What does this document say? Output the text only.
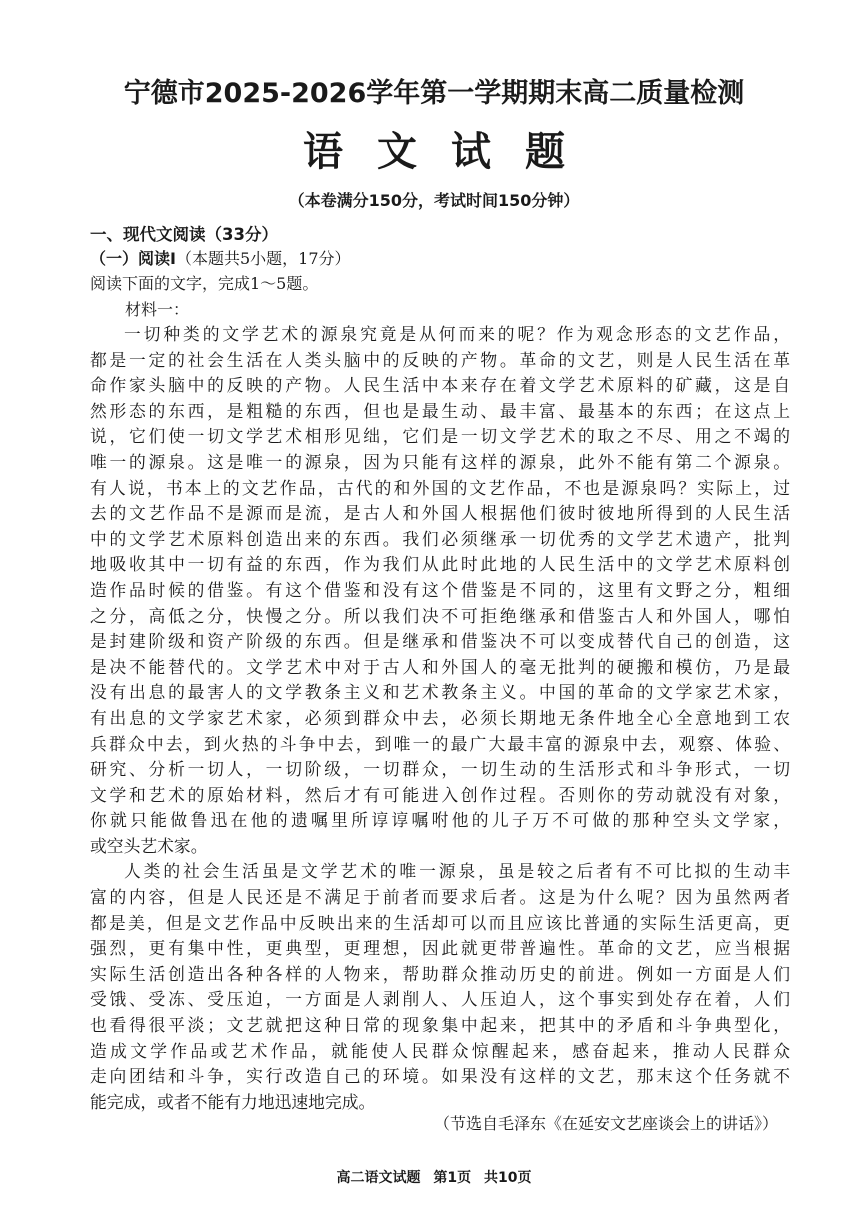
宁德市2025-2026学年第一学期期末高二质量检测
语文试题
（本卷满分150分，考试时间150分钟）
一、现代文阅读（33分）
（一）阅读I（本题共5小题，17分）
阅读下面的文字，完成1～5题。
材料一：
一切种类的文学艺术的源泉究竟是从何而来的呢？作为观念形态的文艺作品，
都是一定的社会生活在人类头脑中的反映的产物。革命的文艺，则是人民生活在革
命作家头脑中的反映的产物。人民生活中本来存在着文学艺术原料的矿藏，这是自
然形态的东西，是粗糙的东西，但也是最生动、最丰富、最基本的东西；在这点上
说，它们使一切文学艺术相形见绌，它们是一切文学艺术的取之不尽、用之不竭的
唯一的源泉。这是唯一的源泉，因为只能有这样的源泉，此外不能有第二个源泉。
有人说，书本上的文艺作品，古代的和外国的文艺作品，不也是源泉吗？实际上，过
去的文艺作品不是源而是流，是古人和外国人根据他们彼时彼地所得到的人民生活
中的文学艺术原料创造出来的东西。我们必须继承一切优秀的文学艺术遗产，批判
地吸收其中一切有益的东西，作为我们从此时此地的人民生活中的文学艺术原料创
造作品时候的借鉴。有这个借鉴和没有这个借鉴是不同的，这里有文野之分，粗细
之分，高低之分，快慢之分。所以我们决不可拒绝继承和借鉴古人和外国人，哪怕
是封建阶级和资产阶级的东西。但是继承和借鉴决不可以变成替代自己的创造，这
是决不能替代的。文学艺术中对于古人和外国人的毫无批判的硬搬和模仿，乃是最
没有出息的最害人的文学教条主义和艺术教条主义。中国的革命的文学家艺术家，
有出息的文学家艺术家，必须到群众中去，必须长期地无条件地全心全意地到工农
兵群众中去，到火热的斗争中去，到唯一的最广大最丰富的源泉中去，观察、体验、
研究、分析一切人，一切阶级，一切群众，一切生动的生活形式和斗争形式，一切
文学和艺术的原始材料，然后才有可能进入创作过程。否则你的劳动就没有对象，
你就只能做鲁迅在他的遗嘱里所谆谆嘱咐他的儿子万不可做的那种空头文学家，
或空头艺术家。
人类的社会生活虽是文学艺术的唯一源泉，虽是较之后者有不可比拟的生动丰
富的内容，但是人民还是不满足于前者而要求后者。这是为什么呢？因为虽然两者
都是美，但是文艺作品中反映出来的生活却可以而且应该比普通的实际生活更高，更
强烈，更有集中性，更典型，更理想，因此就更带普遍性。革命的文艺，应当根据
实际生活创造出各种各样的人物来，帮助群众推动历史的前进。例如一方面是人们
受饿、受冻、受压迫，一方面是人剥削人、人压迫人，这个事实到处存在着，人们
也看得很平淡；文艺就把这种日常的现象集中起来，把其中的矛盾和斗争典型化，
造成文学作品或艺术作品，就能使人民群众惊醒起来，感奋起来，推动人民群众
走向团结和斗争，实行改造自己的环境。如果没有这样的文艺，那末这个任务就不
能完成，或者不能有力地迅速地完成。
（节选自毛泽东《在延安文艺座谈会上的讲话》）
高二语文试题 第1页 共10页
